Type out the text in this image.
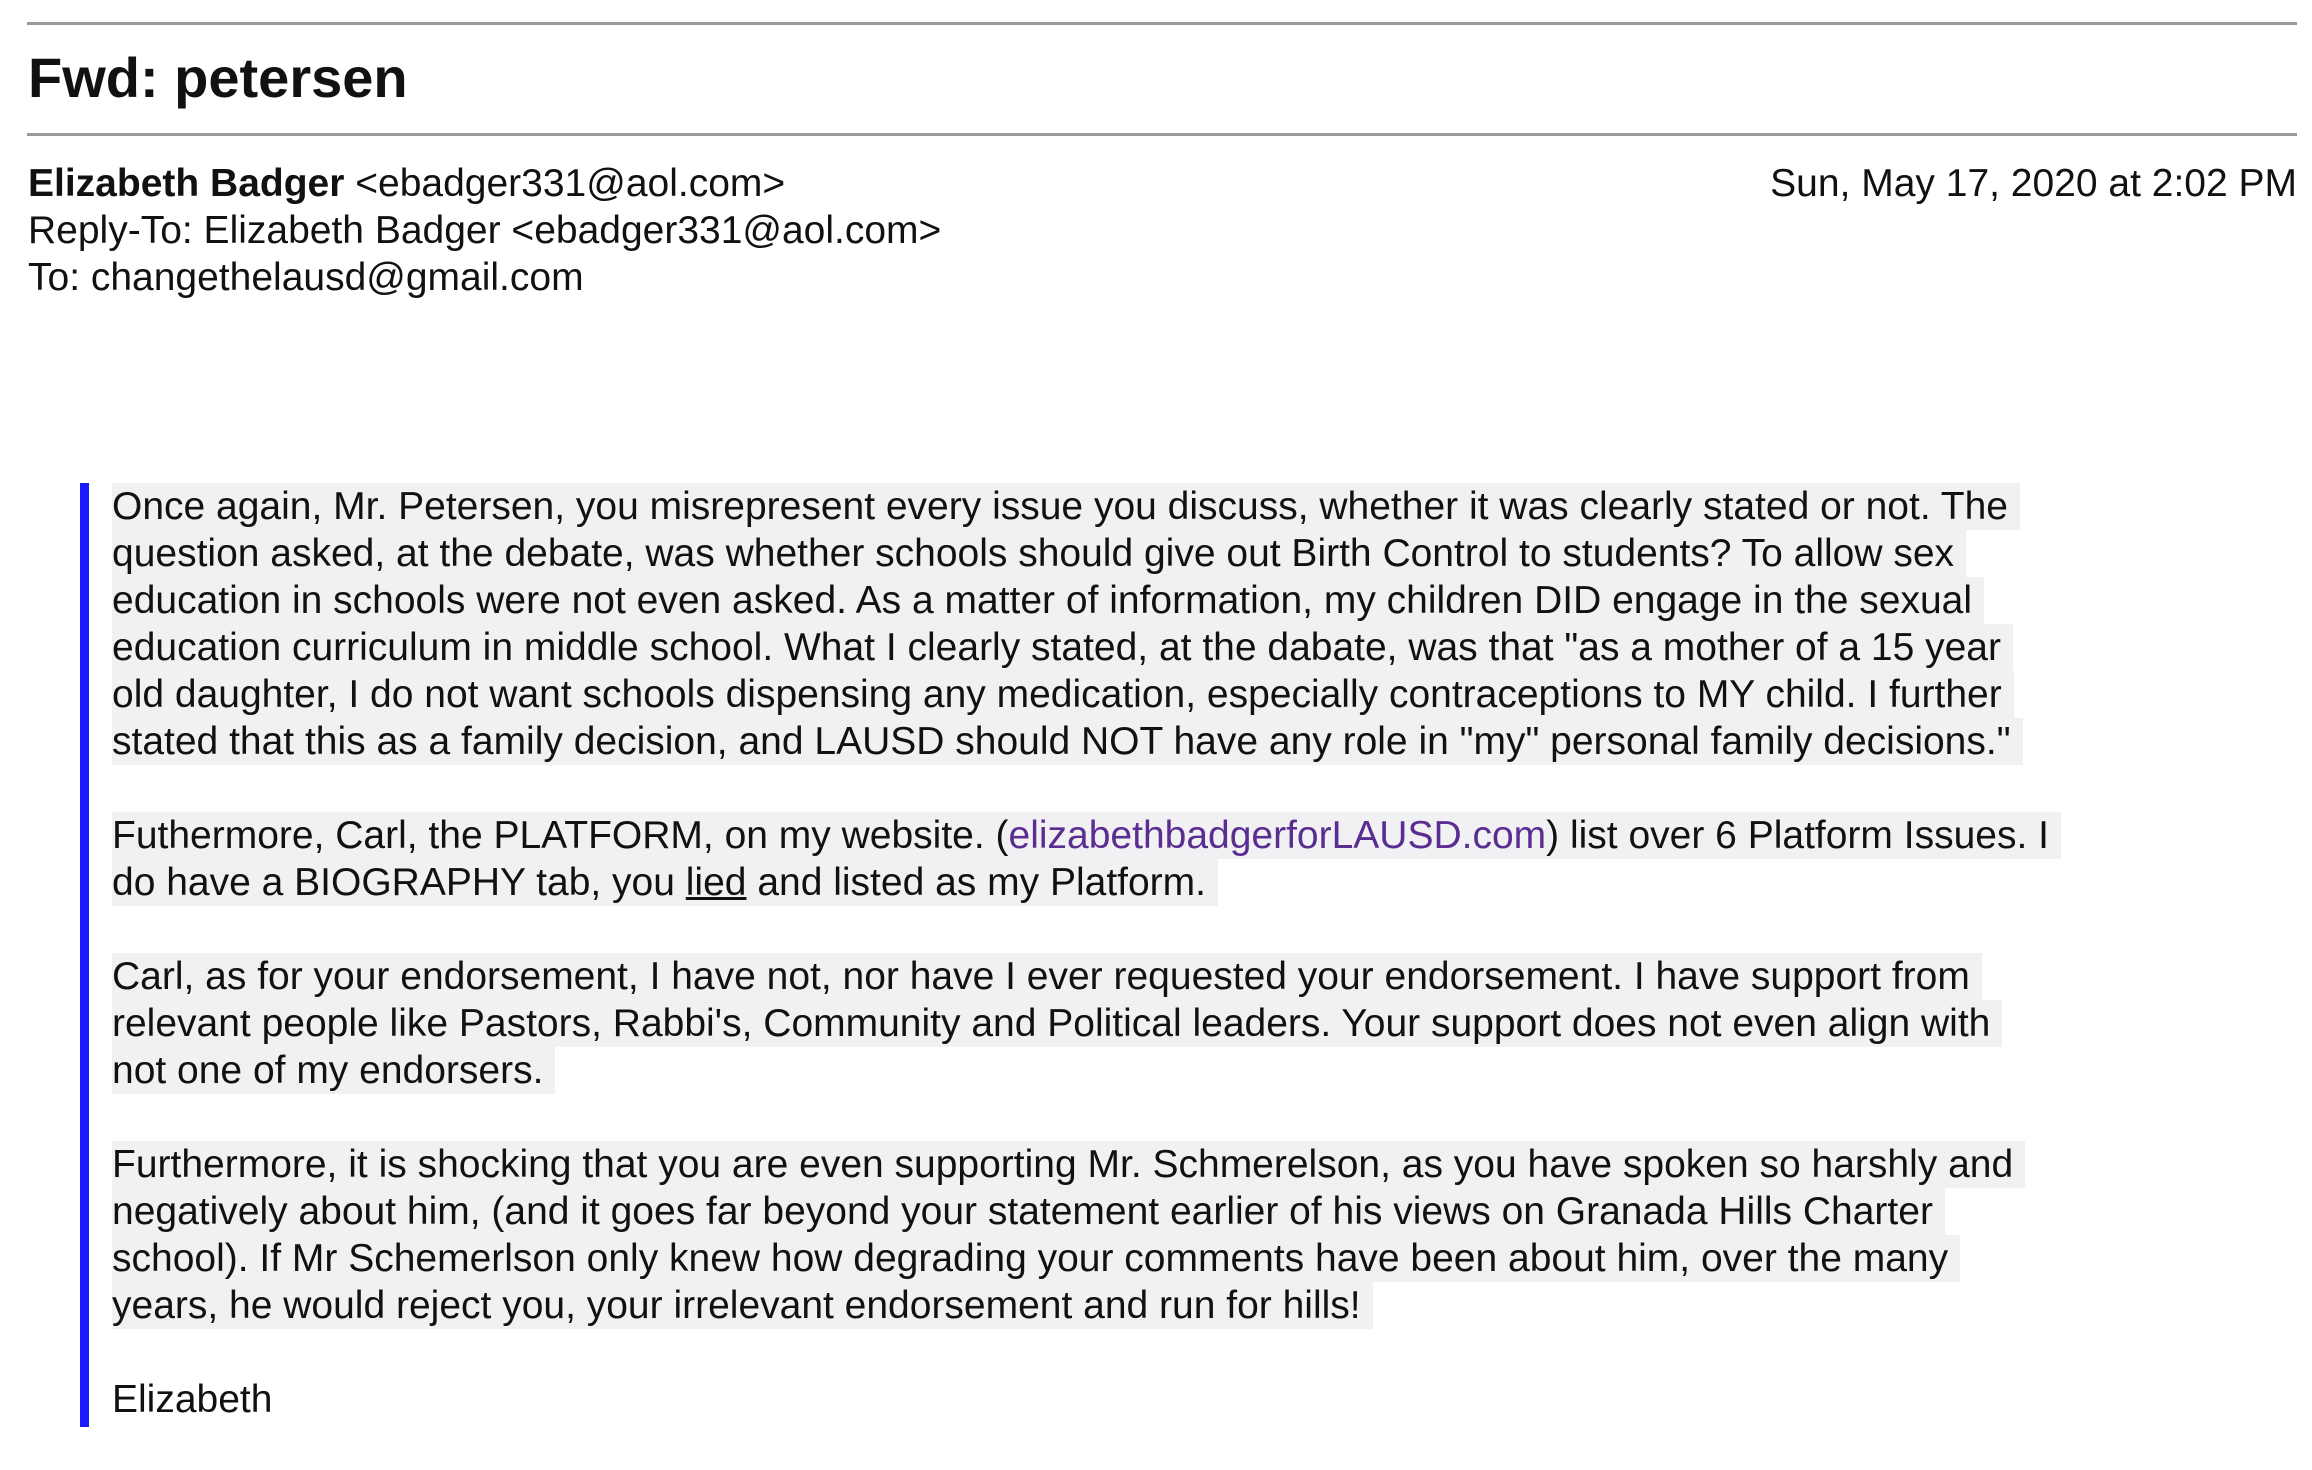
Fwd: petersen
Elizabeth Badger <ebadger331@aol.com>
Reply-To: Elizabeth Badger <ebadger331@aol.com>
To: changethelausd@gmail.com
Sun, May 17, 2020 at 2:02 PM
Once again, Mr. Petersen, you misrepresent every issue you discuss, whether it was clearly stated or not. The
question asked, at the debate, was whether schools should give out Birth Control to students? To allow sex
education in schools were not even asked. As a matter of information, my children DID engage in the sexual
education curriculum in middle school. What I clearly stated, at the dabate, was that "as a mother of a 15 year
old daughter, I do not want schools dispensing any medication, especially contraceptions to MY child. I further
stated that this as a family decision, and LAUSD should NOT have any role in "my" personal family decisions."
Futhermore, Carl, the PLATFORM, on my website. (elizabethbadgerforLAUSD.com) list over 6 Platform Issues. I
do have a BIOGRAPHY tab, you lied and listed as my Platform.
Carl, as for your endorsement, I have not, nor have I ever requested your endorsement. I have support from
relevant people like Pastors, Rabbi's, Community and Political leaders. Your support does not even align with
not one of my endorsers.
Furthermore, it is shocking that you are even supporting Mr. Schmerelson, as you have spoken so harshly and
negatively about him, (and it goes far beyond your statement earlier of his views on Granada Hills Charter
school). If Mr Schemerlson only knew how degrading your comments have been about him, over the many
years, he would reject you, your irrelevant endorsement and run for hills!
Elizabeth
